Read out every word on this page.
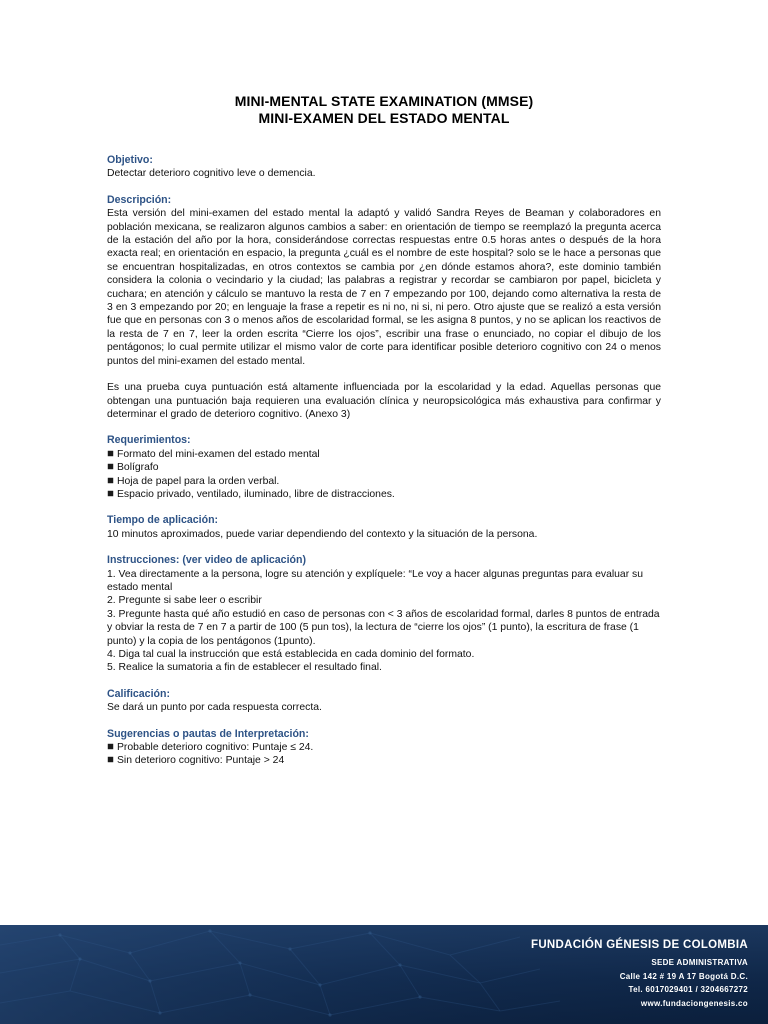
MINI-MENTAL STATE EXAMINATION (MMSE)
MINI-EXAMEN DEL ESTADO MENTAL
Objetivo:

Detectar deterioro cognitivo leve o demencia.

Descripción:

Esta versión del mini-examen del estado mental la adaptó y validó Sandra Reyes de Beaman y colaboradores en población mexicana, se realizaron algunos cambios a saber: en orientación de tiempo se reemplazó la pregunta acerca de la estación del año por la hora, considerándose correctas respuestas entre 0.5 horas antes o después de la hora exacta real; en orientación en espacio, la pregunta ¿cuál es el nombre de este hospital? solo se le hace a personas que se encuentran hospitalizadas, en otros contextos se cambia por ¿en dónde estamos ahora?, este dominio también considera la colonia o vecindario y la ciudad; las palabras a registrar y recordar se cambiaron por papel, bicicleta y cuchara; en atención y cálculo se mantuvo la resta de 7 en 7 empezando por 100, dejando como alternativa la resta de 3 en 3 empezando por 20; en lenguaje la frase a repetir es ni no, ni si, ni pero. Otro ajuste que se realizó a esta versión fue que en personas con 3 o menos años de escolaridad formal, se les asigna 8 puntos, y no se aplican los reactivos de la resta de 7 en 7, leer la orden escrita “Cierre los ojos”, escribir una frase o enunciado, no copiar el dibujo de los pentágonos; lo cual permite utilizar el mismo valor de corte para identificar posible deterioro cognitivo con 24 o menos puntos del mini-examen del estado mental.

Es una prueba cuya puntuación está altamente influenciada por la escolaridad y la edad. Aquellas personas que obtengan una puntuación baja requieren una evaluación clínica y neuropsicológica más exhaustiva para confirmar y determinar el grado de deterioro cognitivo. (Anexo 3)

Requerimientos:
Formato del mini-examen del estado mental
Bolígrafo
Hoja de papel para la orden verbal.
Espacio privado, ventilado, iluminado, libre de distracciones.
Tiempo de aplicación:

10 minutos aproximados, puede variar dependiendo del contexto y la situación de la persona.

Instrucciones: (ver video de aplicación)
1. Vea directamente a la persona, logre su atención y explíquele: “Le voy a hacer algunas preguntas para evaluar su estado mental
2. Pregunte si sabe leer o escribir
3. Pregunte hasta qué año estudió en caso de personas con < 3 años de escolaridad formal, darles 8 puntos de entrada y obviar la resta de 7 en 7 a partir de 100 (5 pun tos), la lectura de “cierre los ojos” (1 punto), la escritura de frase (1 punto) y la copia de los pentágonos (1punto).
4. Diga tal cual la instrucción que está establecida en cada dominio del formato.
5. Realice la sumatoria a fin de establecer el resultado final.
Calificación:

Se dará un punto por cada respuesta correcta.

Sugerencias o pautas de Interpretación:
Probable deterioro cognitivo: Puntaje ≤ 24.
Sin deterioro cognitivo: Puntaje > 24
FUNDACIÓN GÉNESIS DE COLOMBIA
SEDE ADMINISTRATIVA
Calle 142 # 19 A 17 Bogotá D.C.
Tel. 6017029401 / 3204667272
www.fundaciongenesis.co
